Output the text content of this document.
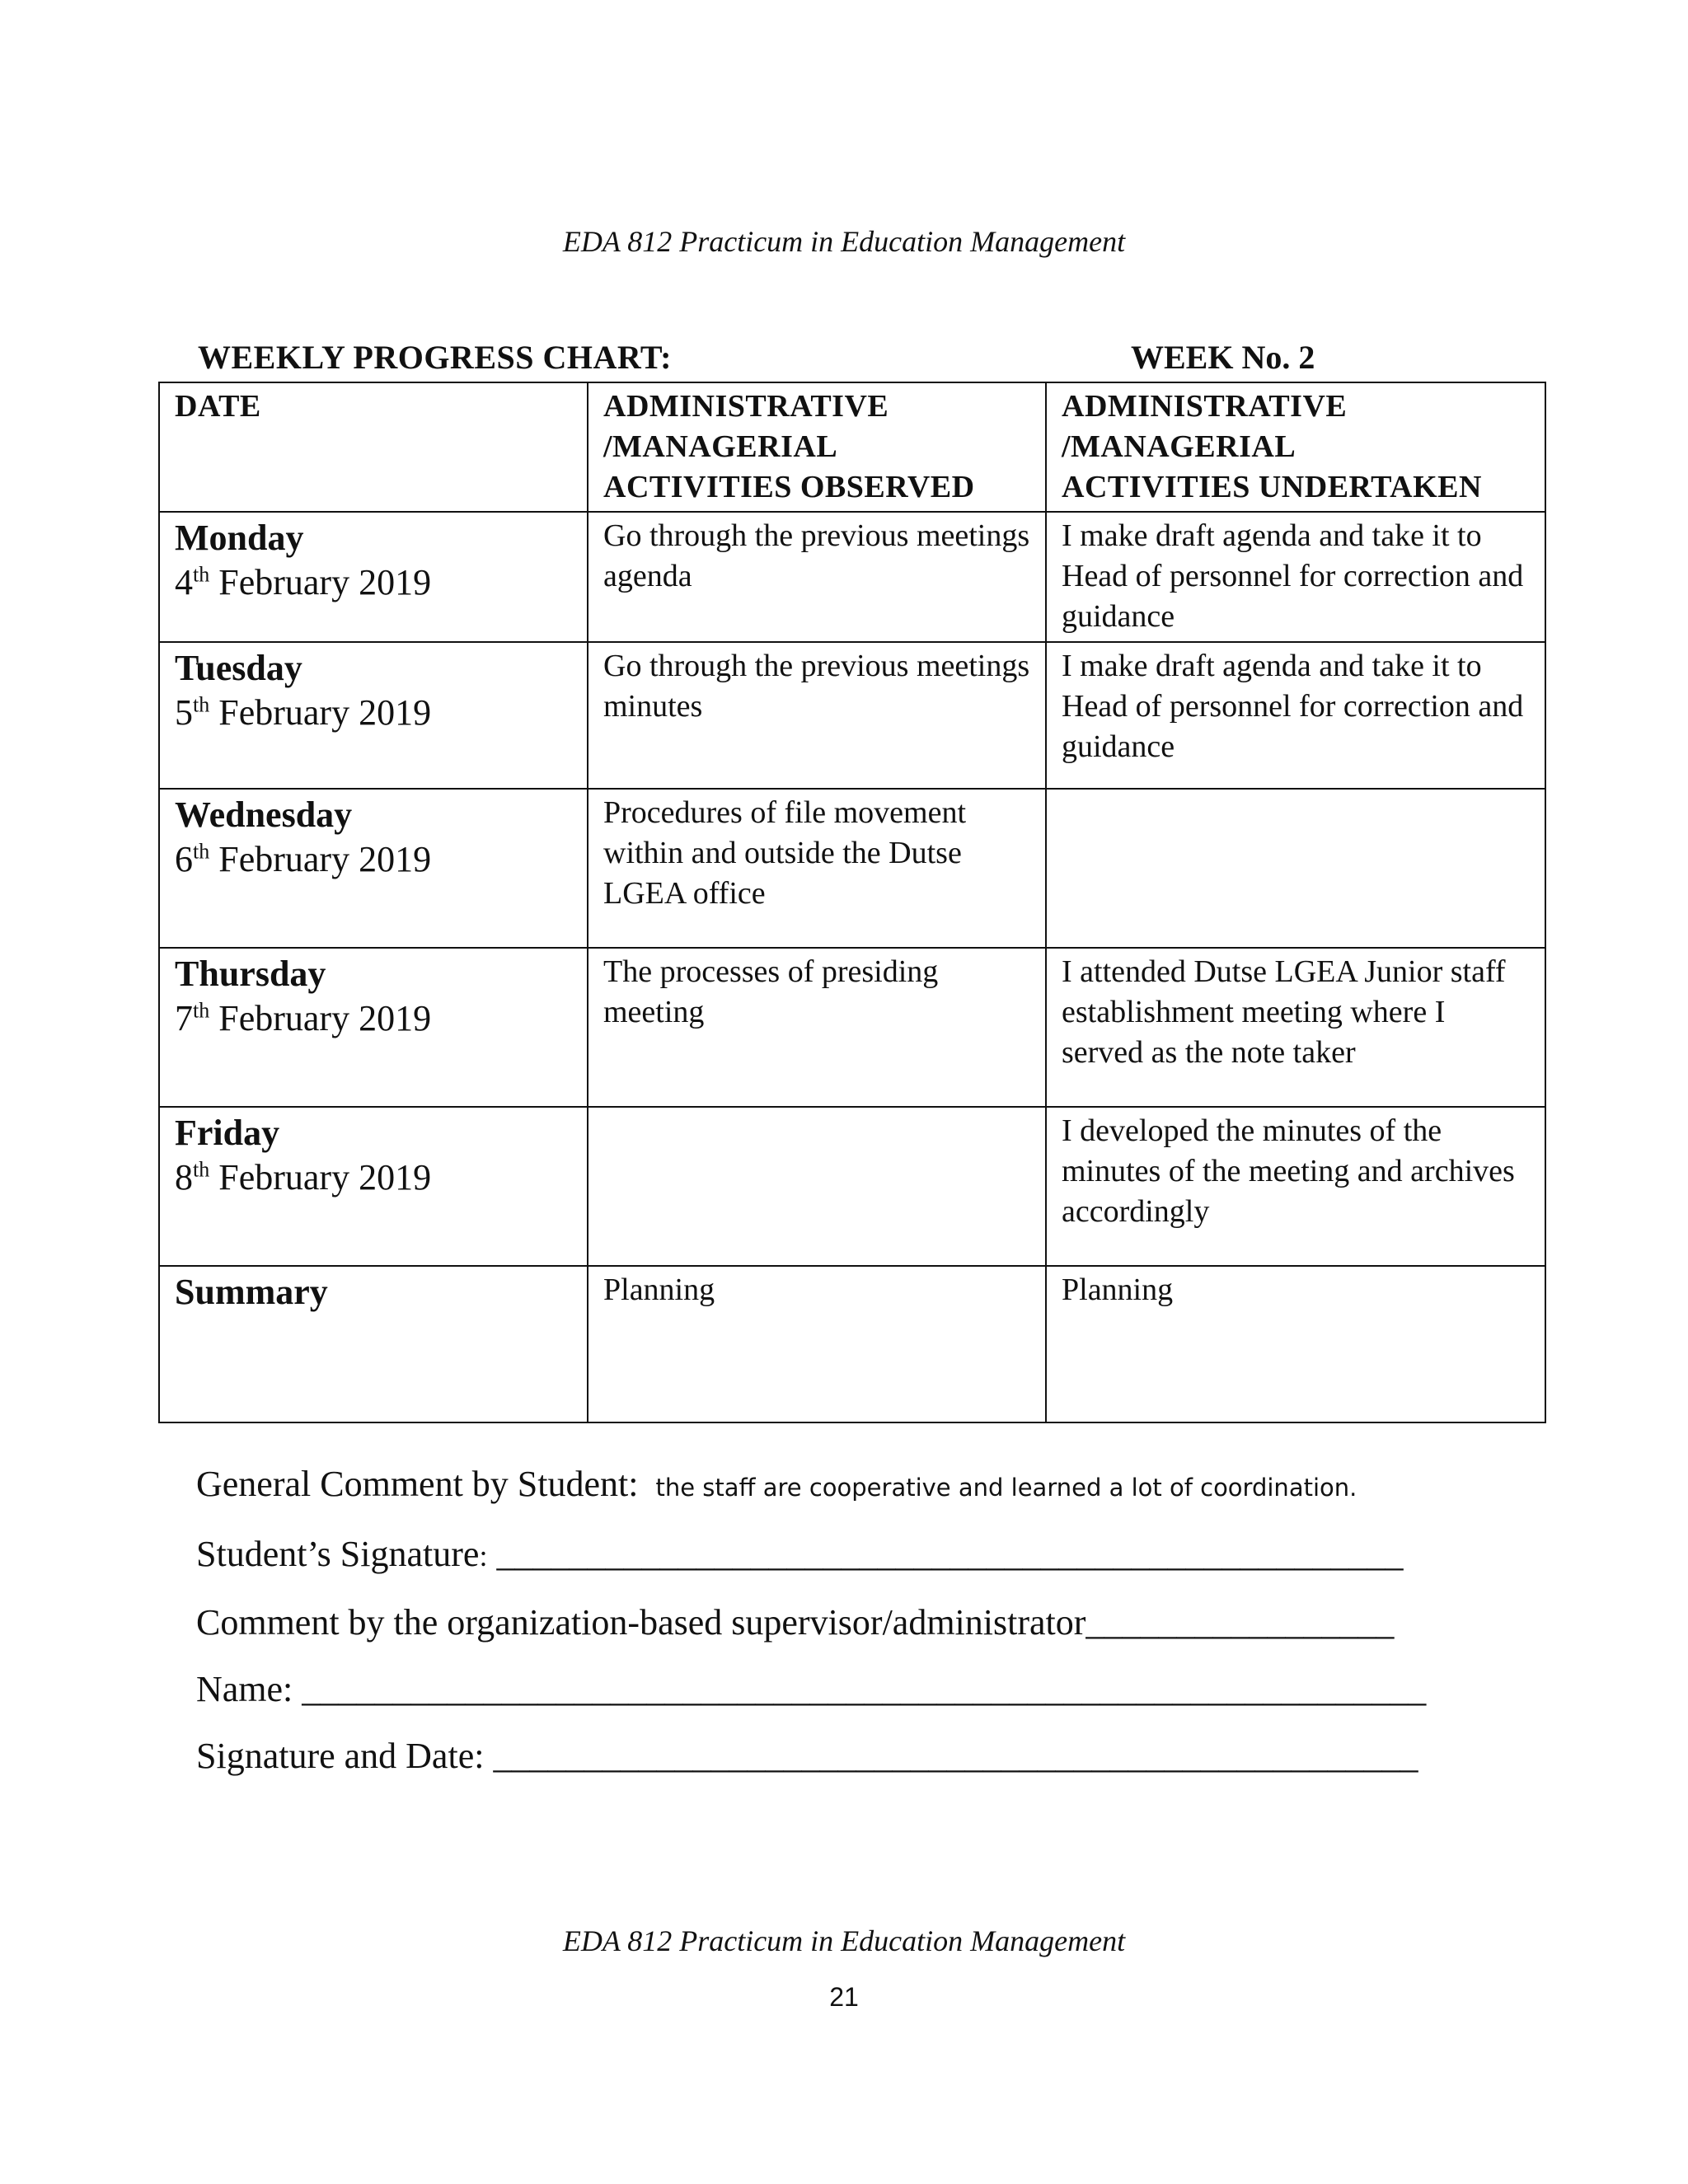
EDA 812 Practicum in Education Management
WEEKLY PROGRESS CHART:	WEEK No. 2
DATE	ADMINISTRATIVE
/MANAGERIAL
ACTIVITIES OBSERVED	ADMINISTRATIVE
/MANAGERIAL
ACTIVITIES UNDERTAKEN

Monday
4th February 2019	Go through the previous meetings agenda	I make draft agenda and take it to Head of personnel for correction and guidance

Tuesday
5th February 2019	Go through the previous meetings minutes	I make draft agenda and take it to Head of personnel for correction and guidance

Wednesday
6th February 2019	Procedures of file movement within and outside the Dutse LGEA office	

Thursday
7th February 2019	The processes of presiding meeting	I attended Dutse LGEA Junior staff establishment meeting where I served as the note taker

Friday
8th February 2019		I developed the minutes of the minutes of the meeting and archives accordingly

Summary	Planning	Planning
General Comment by Student: the staff are cooperative and learned a lot of coordination.
Student’s Signature: __________________________________________________
Comment by the organization-based supervisor/administrator_________________
Name: ______________________________________________________________
Signature and Date: ___________________________________________________
EDA 812 Practicum in Education Management
21
